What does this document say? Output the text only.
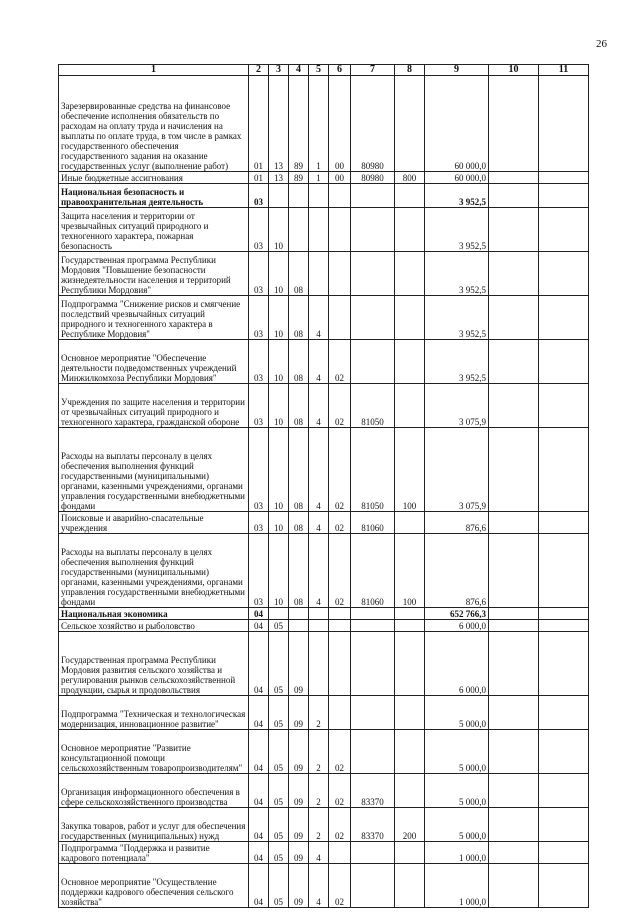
26
1	2	3	4	5	6	7	8	9	10	11
Зарезервированные средства на финансовое обеспечение исполнения обязательств по расходам на оплату труда и начисления на выплаты по оплате труда, в том числе в рамках государственного обеспечения государственного задания на оказание государственных услуг (выполнение работ)	01	13	89	1	00	80980		60 000,0		
Иные бюджетные ассигнования	01	13	89	1	00	80980	800	60 000,0		
Национальная безопасность и правоохранительная деятельность	03							3 952,5		
Защита населения и территории от чрезвычайных ситуаций природного и техногенного характера, пожарная безопасность	03	10						3 952,5		
Государственная программа Республики Мордовия "Повышение безопасности жизнедеятельности населения и территорий Республики Мордовия"	03	10	08					3 952,5		
Подпрограмма "Снижение рисков и смягчение последствий чрезвычайных ситуаций природного и техногенного характера в Республике Мордовия"	03	10	08	4				3 952,5		
Основное мероприятие "Обеспечение деятельности подведомственных учреждений Минжилкомхоза Республики Мордовия"	03	10	08	4	02			3 952,5		
Учреждения по защите населения и территории от чрезвычайных ситуаций природного и техногенного характера, гражданской обороне	03	10	08	4	02	81050		3 075,9		
Расходы на выплаты персоналу в целях обеспечения выполнения функций государственными (муниципальными) органами, казенными учреждениями, органами управления государственными внебюджетными фондами	03	10	08	4	02	81050	100	3 075,9		
Поисковые и аварийно-спасательные учреждения	03	10	08	4	02	81060		876,6		
Расходы на выплаты персоналу в целях обеспечения выполнения функций государственными (муниципальными) органами, казенными учреждениями, органами управления государственными внебюджетными фондами	03	10	08	4	02	81060	100	876,6		
Национальная экономика	04							652 766,3		
Сельское хозяйство и рыболовство	04	05						6 000,0		
Государственная программа Республики Мордовия развития сельского хозяйства и регулирования рынков сельскохозяйственной продукции, сырья и продовольствия	04	05	09					6 000,0		
Подпрограмма "Техническая и технологическая модернизация, инновационное развитие"	04	05	09	2				5 000,0		
Основное мероприятие "Развитие консультационной помощи сельскохозяйственным товаропроизводителям"	04	05	09	2	02			5 000,0		
Организация информационного обеспечения в сфере сельскохозяйственного производства	04	05	09	2	02	83370		5 000,0		
Закупка товаров, работ и услуг для обеспечения государственных (муниципальных) нужд	04	05	09	2	02	83370	200	5 000,0		
Подпрограмма "Поддержка и развитие кадрового потенциала"	04	05	09	4				1 000,0		
Основное мероприятие "Осуществление поддержки кадрового обеспечения сельского хозяйства"	04	05	09	4	02			1 000,0		
